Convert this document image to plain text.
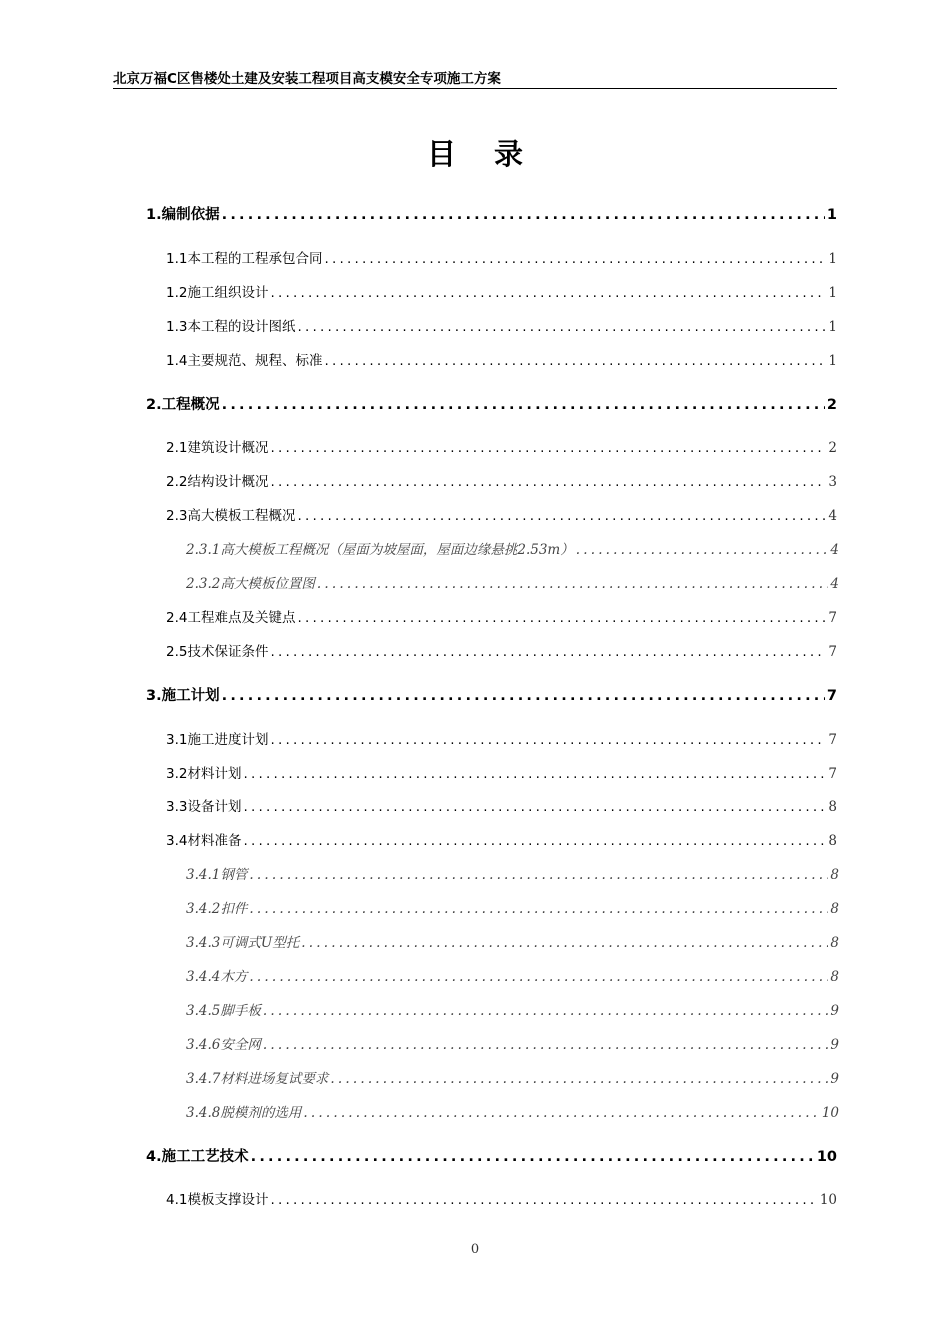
北京万福C区售楼处土建及安装工程项目高支模安全专项施工方案
目录
1.编制依据 .....	1
1.1本工程的工程承包合同 .....	1
1.2施工组织设计 .....	1
1.3本工程的设计图纸 .....	1
1.4主要规范、规程、标准 .....	1
2.工程概况 .....	2
2.1建筑设计概况 .....	2
2.2结构设计概况 .....	3
2.3高大模板工程概况 .....	4
2.3.1高大模板工程概况（屋面为坡屋面，屋面边缘悬挑2.53m） .....	4
2.3.2高大模板位置图 .....	4
2.4工程难点及关键点 .....	7
2.5技术保证条件 .....	7
3.施工计划 .....	7
3.1施工进度计划 .....	7
3.2材料计划 .....	7
3.3设备计划 .....	8
3.4材料准备 .....	8
3.4.1钢管 .....	8
3.4.2扣件 .....	8
3.4.3可调式U型托 .....	8
3.4.4木方 .....	8
3.4.5脚手板 .....	9
3.4.6安全网 .....	9
3.4.7材料进场复试要求 .....	9
3.4.8脱模剂的选用 .....	10
4.施工工艺技术 .....	10
4.1模板支撑设计 .....	10
0
